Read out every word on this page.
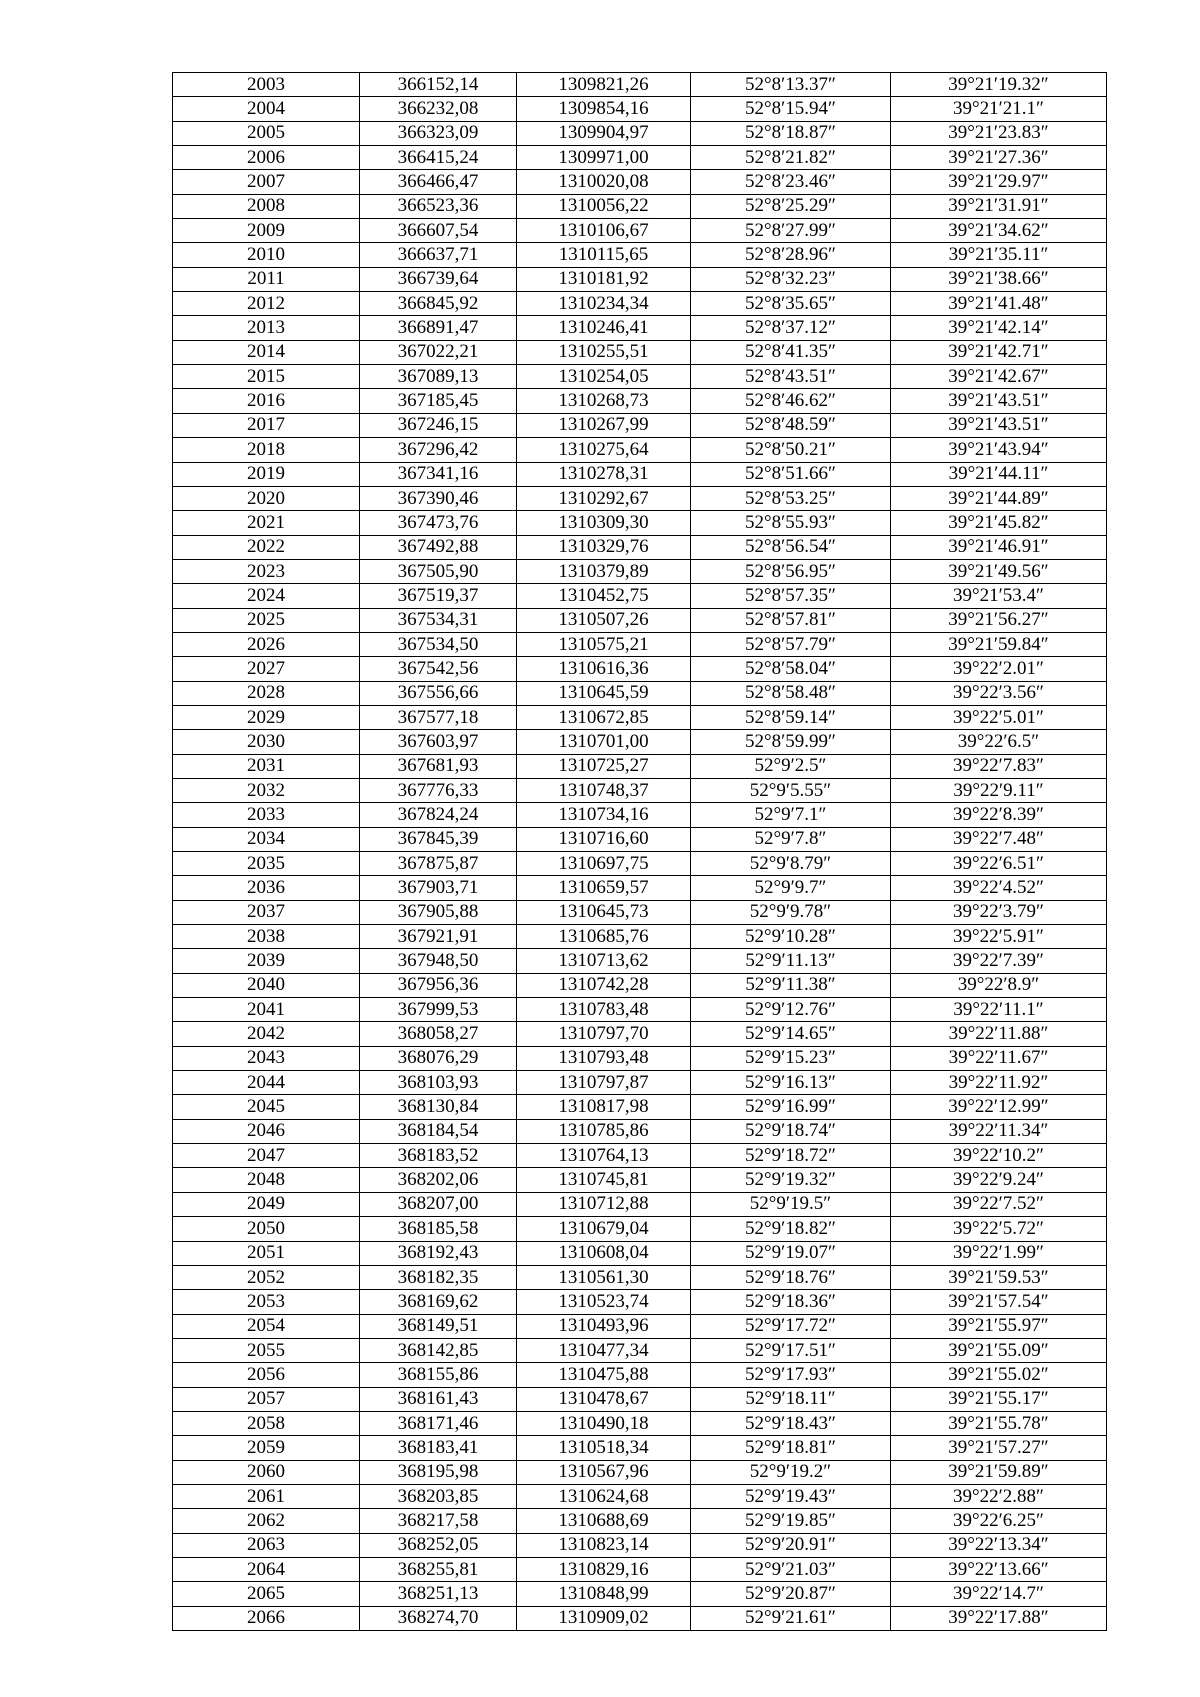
2003	366152,14	1309821,26	52°8′13.37″	39°21′19.32″
2004	366232,08	1309854,16	52°8′15.94″	39°21′21.1″
2005	366323,09	1309904,97	52°8′18.87″	39°21′23.83″
2006	366415,24	1309971,00	52°8′21.82″	39°21′27.36″
2007	366466,47	1310020,08	52°8′23.46″	39°21′29.97″
2008	366523,36	1310056,22	52°8′25.29″	39°21′31.91″
2009	366607,54	1310106,67	52°8′27.99″	39°21′34.62″
2010	366637,71	1310115,65	52°8′28.96″	39°21′35.11″
2011	366739,64	1310181,92	52°8′32.23″	39°21′38.66″
2012	366845,92	1310234,34	52°8′35.65″	39°21′41.48″
2013	366891,47	1310246,41	52°8′37.12″	39°21′42.14″
2014	367022,21	1310255,51	52°8′41.35″	39°21′42.71″
2015	367089,13	1310254,05	52°8′43.51″	39°21′42.67″
2016	367185,45	1310268,73	52°8′46.62″	39°21′43.51″
2017	367246,15	1310267,99	52°8′48.59″	39°21′43.51″
2018	367296,42	1310275,64	52°8′50.21″	39°21′43.94″
2019	367341,16	1310278,31	52°8′51.66″	39°21′44.11″
2020	367390,46	1310292,67	52°8′53.25″	39°21′44.89″
2021	367473,76	1310309,30	52°8′55.93″	39°21′45.82″
2022	367492,88	1310329,76	52°8′56.54″	39°21′46.91″
2023	367505,90	1310379,89	52°8′56.95″	39°21′49.56″
2024	367519,37	1310452,75	52°8′57.35″	39°21′53.4″
2025	367534,31	1310507,26	52°8′57.81″	39°21′56.27″
2026	367534,50	1310575,21	52°8′57.79″	39°21′59.84″
2027	367542,56	1310616,36	52°8′58.04″	39°22′2.01″
2028	367556,66	1310645,59	52°8′58.48″	39°22′3.56″
2029	367577,18	1310672,85	52°8′59.14″	39°22′5.01″
2030	367603,97	1310701,00	52°8′59.99″	39°22′6.5″
2031	367681,93	1310725,27	52°9′2.5″	39°22′7.83″
2032	367776,33	1310748,37	52°9′5.55″	39°22′9.11″
2033	367824,24	1310734,16	52°9′7.1″	39°22′8.39″
2034	367845,39	1310716,60	52°9′7.8″	39°22′7.48″
2035	367875,87	1310697,75	52°9′8.79″	39°22′6.51″
2036	367903,71	1310659,57	52°9′9.7″	39°22′4.52″
2037	367905,88	1310645,73	52°9′9.78″	39°22′3.79″
2038	367921,91	1310685,76	52°9′10.28″	39°22′5.91″
2039	367948,50	1310713,62	52°9′11.13″	39°22′7.39″
2040	367956,36	1310742,28	52°9′11.38″	39°22′8.9″
2041	367999,53	1310783,48	52°9′12.76″	39°22′11.1″
2042	368058,27	1310797,70	52°9′14.65″	39°22′11.88″
2043	368076,29	1310793,48	52°9′15.23″	39°22′11.67″
2044	368103,93	1310797,87	52°9′16.13″	39°22′11.92″
2045	368130,84	1310817,98	52°9′16.99″	39°22′12.99″
2046	368184,54	1310785,86	52°9′18.74″	39°22′11.34″
2047	368183,52	1310764,13	52°9′18.72″	39°22′10.2″
2048	368202,06	1310745,81	52°9′19.32″	39°22′9.24″
2049	368207,00	1310712,88	52°9′19.5″	39°22′7.52″
2050	368185,58	1310679,04	52°9′18.82″	39°22′5.72″
2051	368192,43	1310608,04	52°9′19.07″	39°22′1.99″
2052	368182,35	1310561,30	52°9′18.76″	39°21′59.53″
2053	368169,62	1310523,74	52°9′18.36″	39°21′57.54″
2054	368149,51	1310493,96	52°9′17.72″	39°21′55.97″
2055	368142,85	1310477,34	52°9′17.51″	39°21′55.09″
2056	368155,86	1310475,88	52°9′17.93″	39°21′55.02″
2057	368161,43	1310478,67	52°9′18.11″	39°21′55.17″
2058	368171,46	1310490,18	52°9′18.43″	39°21′55.78″
2059	368183,41	1310518,34	52°9′18.81″	39°21′57.27″
2060	368195,98	1310567,96	52°9′19.2″	39°21′59.89″
2061	368203,85	1310624,68	52°9′19.43″	39°22′2.88″
2062	368217,58	1310688,69	52°9′19.85″	39°22′6.25″
2063	368252,05	1310823,14	52°9′20.91″	39°22′13.34″
2064	368255,81	1310829,16	52°9′21.03″	39°22′13.66″
2065	368251,13	1310848,99	52°9′20.87″	39°22′14.7″
2066	368274,70	1310909,02	52°9′21.61″	39°22′17.88″
